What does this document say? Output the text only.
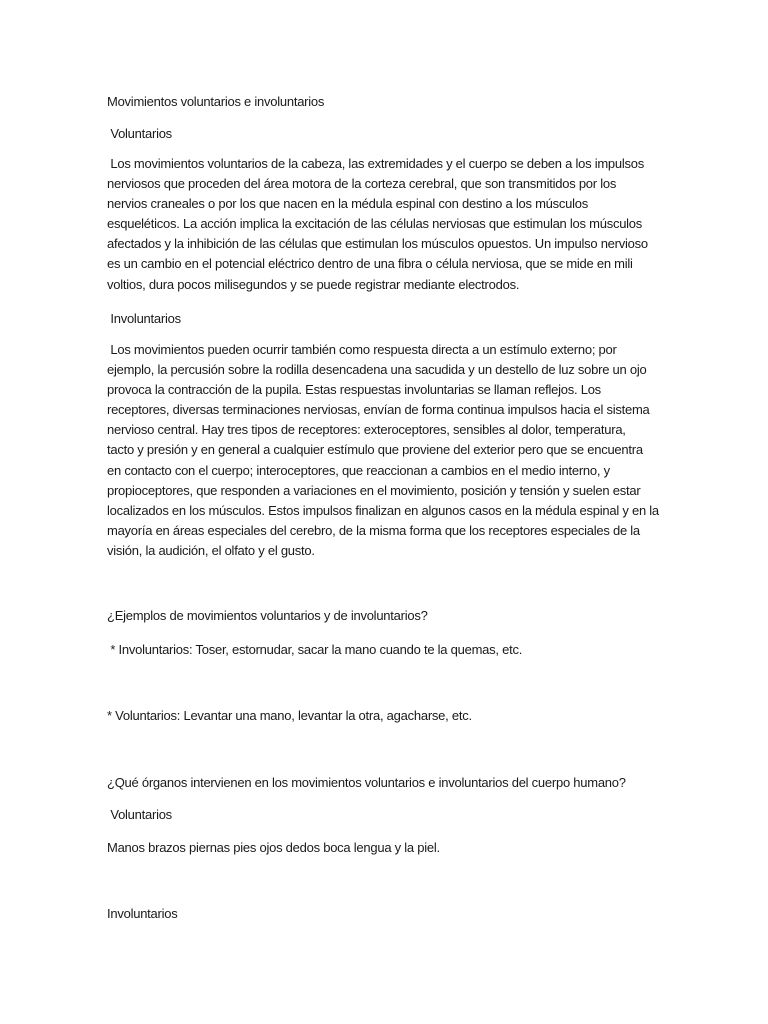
Movimientos voluntarios e involuntarios

Voluntarios

Los movimientos voluntarios de la cabeza, las extremidades y el cuerpo se deben a los impulsos
nerviosos que proceden del área motora de la corteza cerebral, que son transmitidos por los
nervios craneales o por los que nacen en la médula espinal con destino a los músculos
esqueléticos. La acción implica la excitación de las células nerviosas que estimulan los músculos
afectados y la inhibición de las células que estimulan los músculos opuestos. Un impulso nervioso
es un cambio en el potencial eléctrico dentro de una fibra o célula nerviosa, que se mide en mili
voltios, dura pocos milisegundos y se puede registrar mediante electrodos.

Involuntarios

Los movimientos pueden ocurrir también como respuesta directa a un estímulo externo; por
ejemplo, la percusión sobre la rodilla desencadena una sacudida y un destello de luz sobre un ojo
provoca la contracción de la pupila. Estas respuestas involuntarias se llaman reflejos. Los
receptores, diversas terminaciones nerviosas, envían de forma continua impulsos hacia el sistema
nervioso central. Hay tres tipos de receptores: exteroceptores, sensibles al dolor, temperatura,
tacto y presión y en general a cualquier estímulo que proviene del exterior pero que se encuentra
en contacto con el cuerpo; interoceptores, que reaccionan a cambios en el medio interno, y
propioceptores, que responden a variaciones en el movimiento, posición y tensión y suelen estar
localizados en los músculos. Estos impulsos finalizan en algunos casos en la médula espinal y en la
mayoría en áreas especiales del cerebro, de la misma forma que los receptores especiales de la
visión, la audición, el olfato y el gusto.

¿Ejemplos de movimientos voluntarios y de involuntarios?

* Involuntarios: Toser, estornudar, sacar la mano cuando te la quemas, etc.

* Voluntarios: Levantar una mano, levantar la otra, agacharse, etc.

¿Qué órganos intervienen en los movimientos voluntarios e involuntarios del cuerpo humano?

Voluntarios

Manos brazos piernas pies ojos dedos boca lengua y la piel.

Involuntarios
